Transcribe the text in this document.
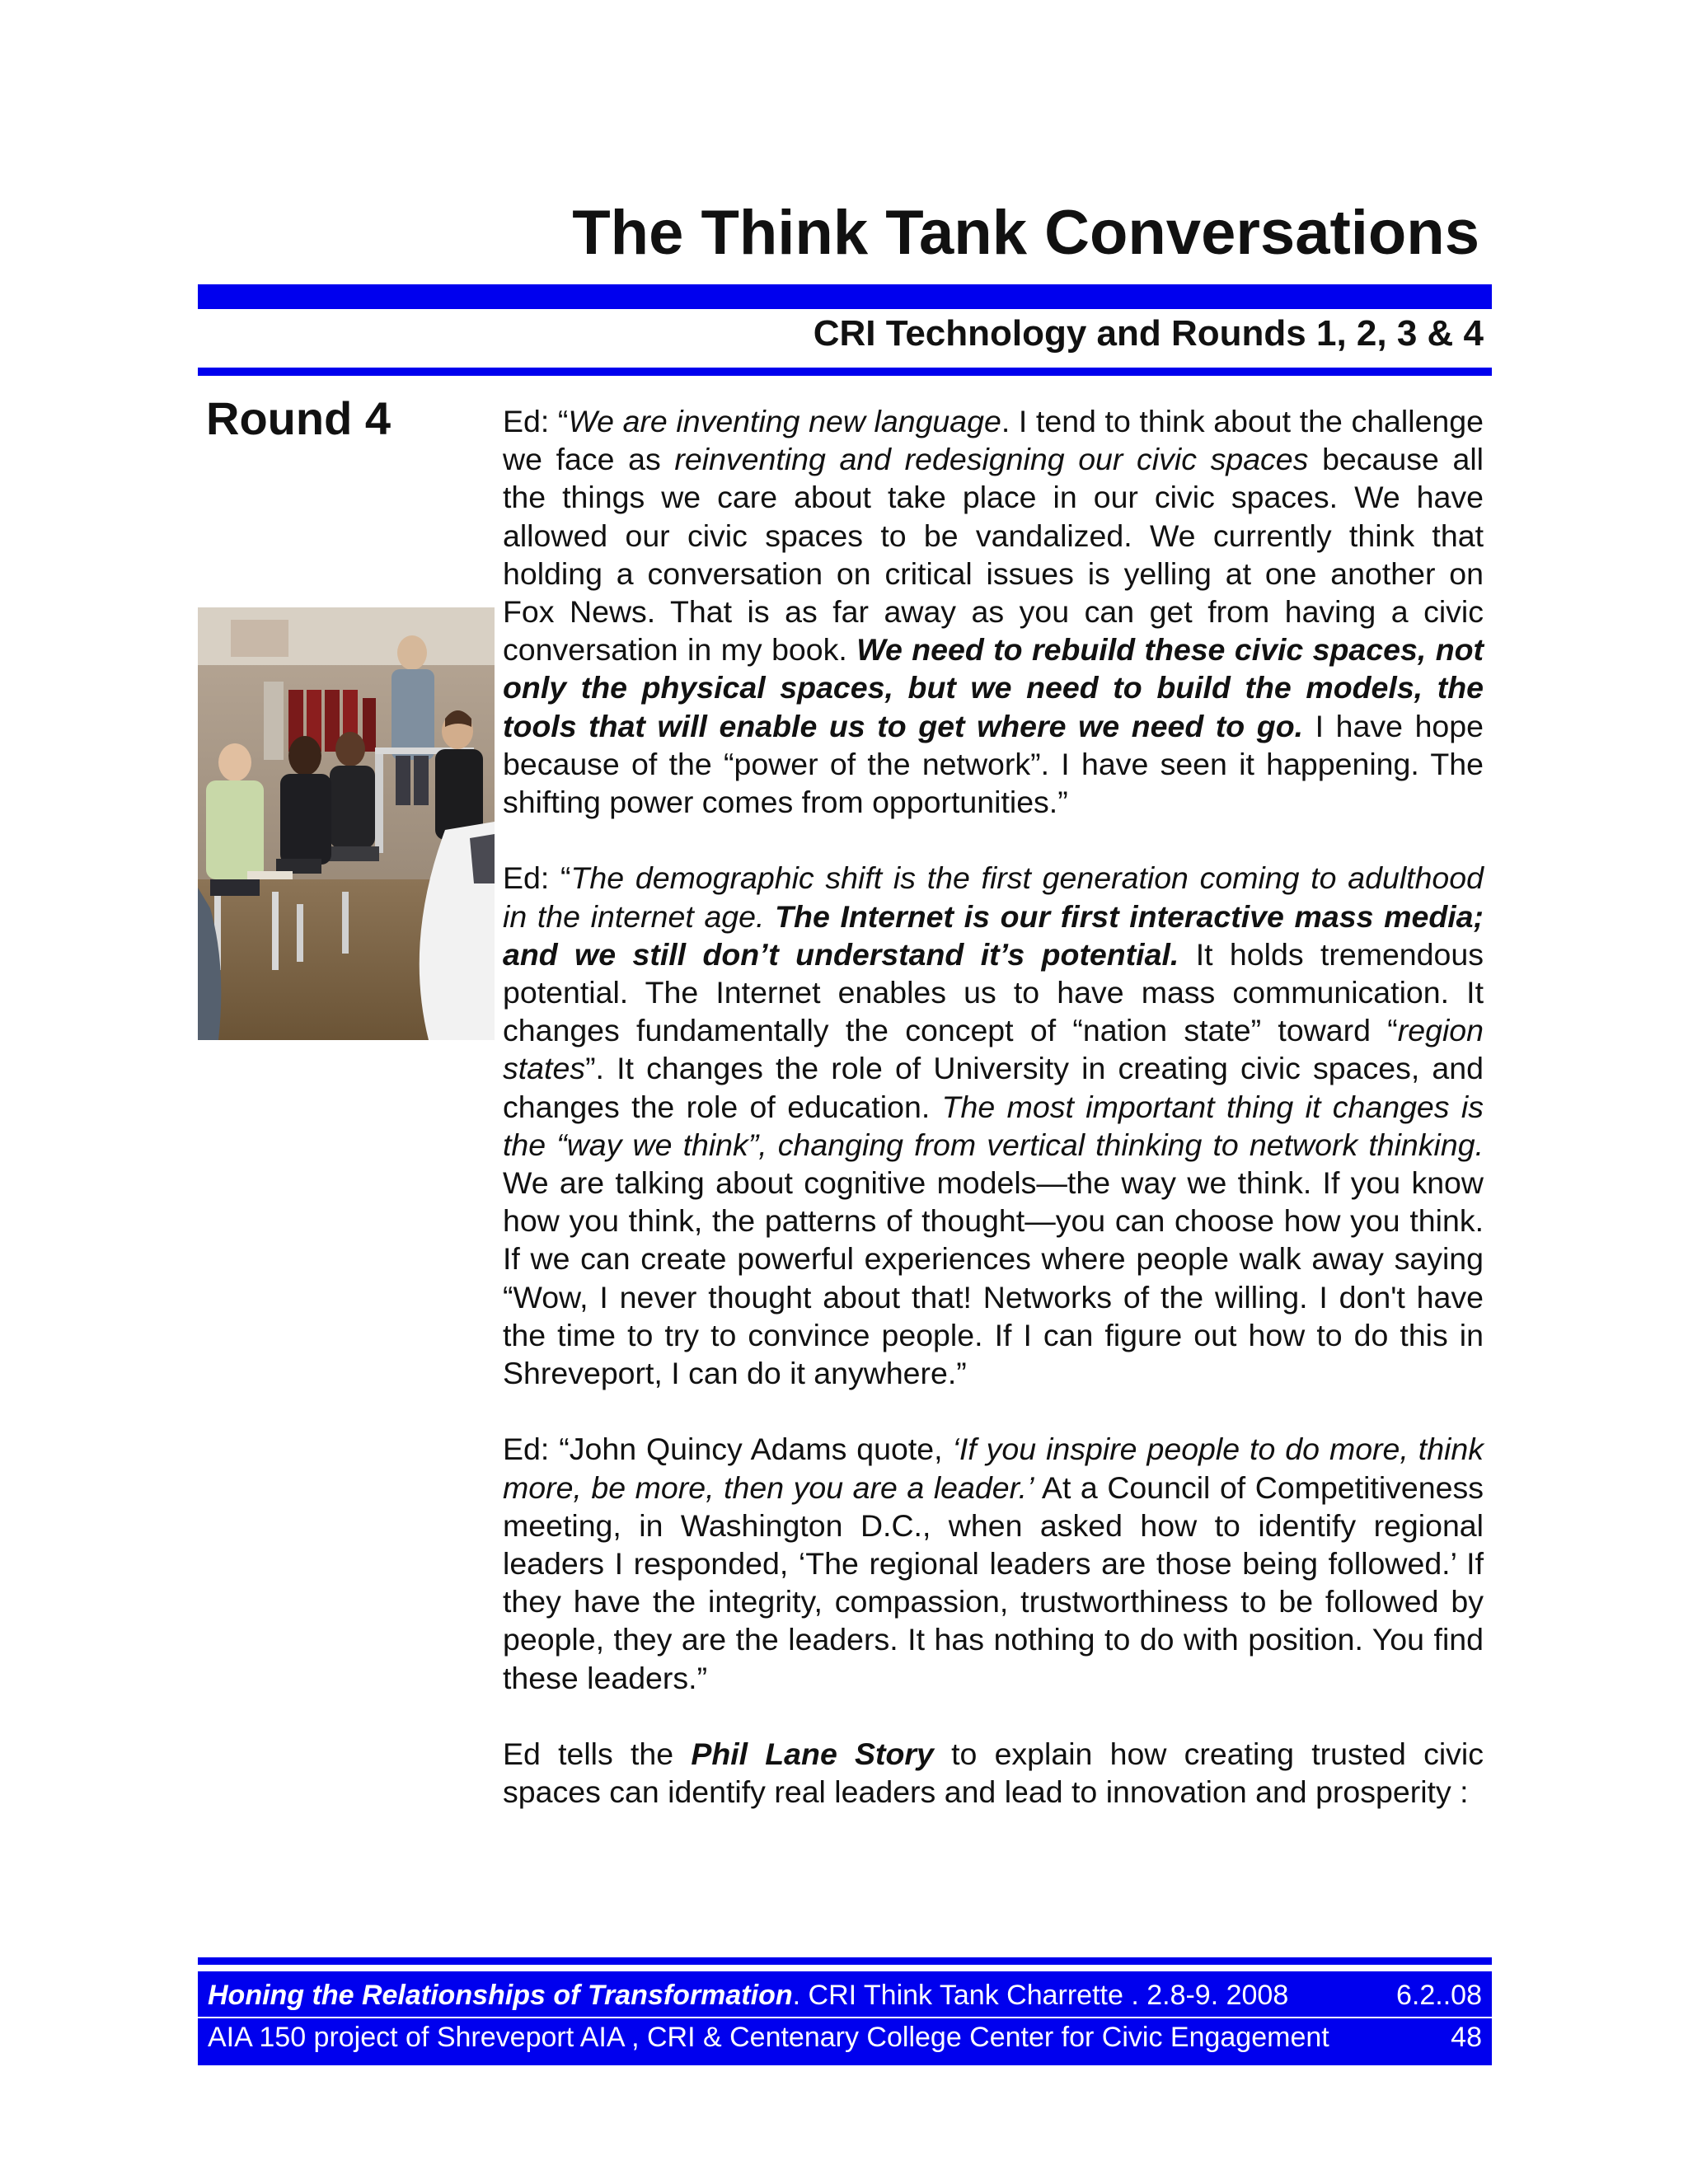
The Think Tank Conversations
CRI Technology and Rounds 1, 2, 3 & 4
Round 4	Ed: “We are inventing new language. I tend to think about the challenge we face as reinventing and redesigning our civic spaces because all the things we care about take place in our civic spaces. We have allowed our civic spaces to be vandalized. We currently think that holding a conversation on critical issues is yelling at one another on Fox News. That is as far away as you can get from having a civic conversation in my book. We need to rebuild these civic spaces, not only the physical spaces, but we need to build the models, the tools that will enable us to get where we need to go. I have hope because of the “power of the network”. I have seen it happening. The shifting power comes from opportunities.”

Ed: “The demographic shift is the first generation coming to adulthood in the internet age. The Internet is our first interactive mass media; and we still don’t understand it’s potential. It holds tremendous potential. The Internet enables us to have mass communication. It changes fundamentally the concept of “nation state” toward “region states”. It changes the role of University in creating civic spaces, and changes the role of education. The most important thing it changes is the “way we think”, changing from vertical thinking to network thinking. We are talking about cognitive models—the way we think. If you know how you think, the patterns of thought—you can choose how you think. If we can create powerful experiences where people walk away saying “Wow, I never thought about that! Networks of the willing. I don't have the time to try to convince people. If I can figure out how to do this in Shreveport, I can do it anywhere.”

Ed: “John Quincy Adams quote, ‘If you inspire people to do more, think more, be more, then you are a leader.’ At a Council of Competitiveness meeting, in Washington D.C., when asked how to identify regional leaders I responded, ‘The regional leaders are those being followed.’ If they have the integrity, compassion, trustworthiness to be followed by people, they are the leaders. It has nothing to do with position. You find these leaders.”

Ed tells the Phil Lane Story to explain how creating trusted civic spaces can identify real leaders and lead to innovation and prosperity :

Honing the Relationships of Transformation. CRI Think Tank Charrette . 2.8-9. 2008	6.2..08
AIA 150 project of Shreveport AIA , CRI & Centenary College Center for Civic Engagement	48
